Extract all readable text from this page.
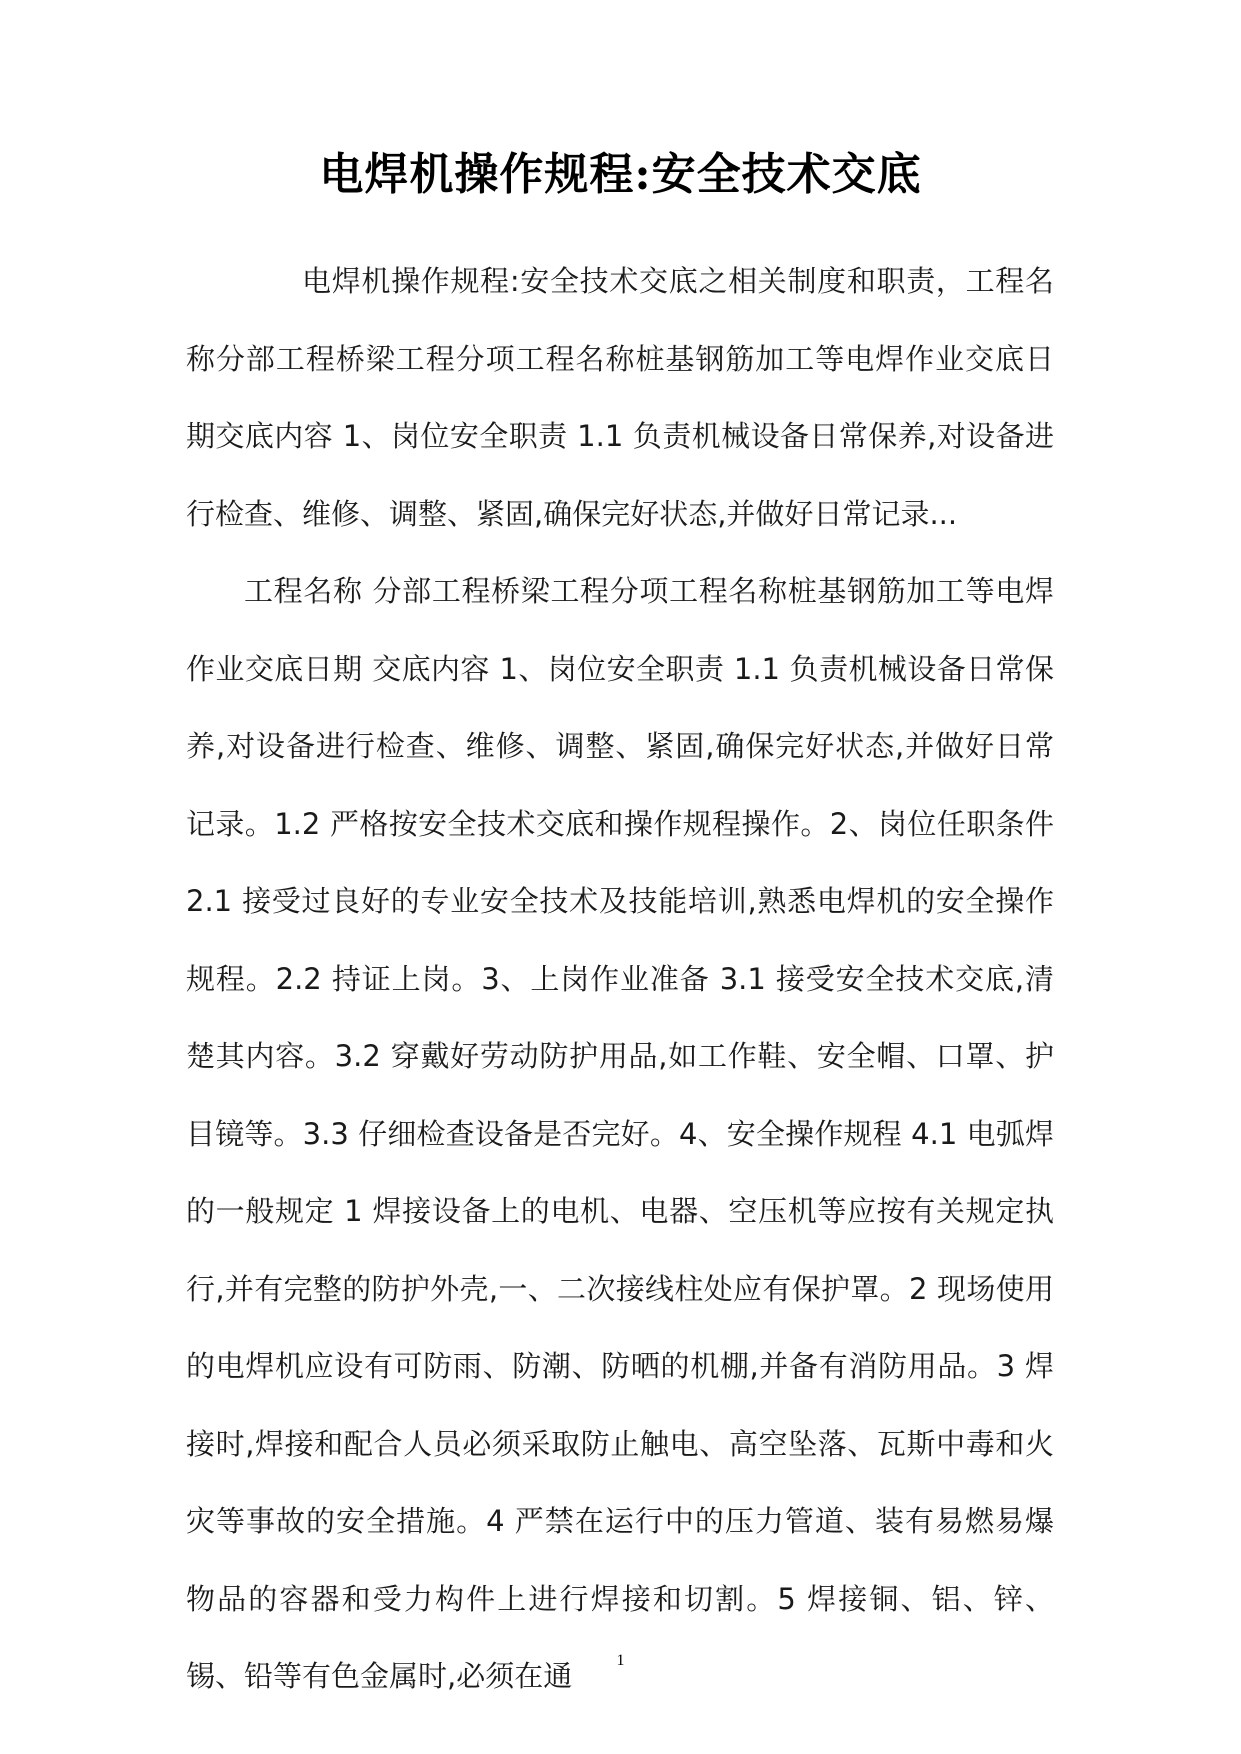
电焊机操作规程:安全技术交底

电焊机操作规程:安全技术交底之相关制度和职责，工程名称分部工程桥梁工程分项工程名称桩基钢筋加工等电焊作业交底日期交底内容 1、岗位安全职责 1.1 负责机械设备日常保养,对设备进行检查、维修、调整、紧固,确保完好状态,并做好日常记录...

工程名称 分部工程桥梁工程分项工程名称桩基钢筋加工等电焊作业交底日期 交底内容 1、岗位安全职责 1.1 负责机械设备日常保养,对设备进行检查、维修、调整、紧固,确保完好状态,并做好日常记录。1.2 严格按安全技术交底和操作规程操作。2、岗位任职条件 2.1 接受过良好的专业安全技术及技能培训,熟悉电焊机的安全操作规程。2.2 持证上岗。3、上岗作业准备 3.1 接受安全技术交底,清楚其内容。3.2 穿戴好劳动防护用品,如工作鞋、安全帽、口罩、护目镜等。3.3 仔细检查设备是否完好。4、安全操作规程 4.1 电弧焊的一般规定 1 焊接设备上的电机、电器、空压机等应按有关规定执行,并有完整的防护外壳,一、二次接线柱处应有保护罩。2 现场使用的电焊机应设有可防雨、防潮、防晒的机棚,并备有消防用品。3 焊接时,焊接和配合人员必须采取防止触电、高空坠落、瓦斯中毒和火灾等事故的安全措施。4 严禁在运行中的压力管道、装有易燃易爆物品的容器和受力构件上进行焊接和切割。5 焊接铜、铝、锌、锡、铅等有色金属时,必须在通	1
